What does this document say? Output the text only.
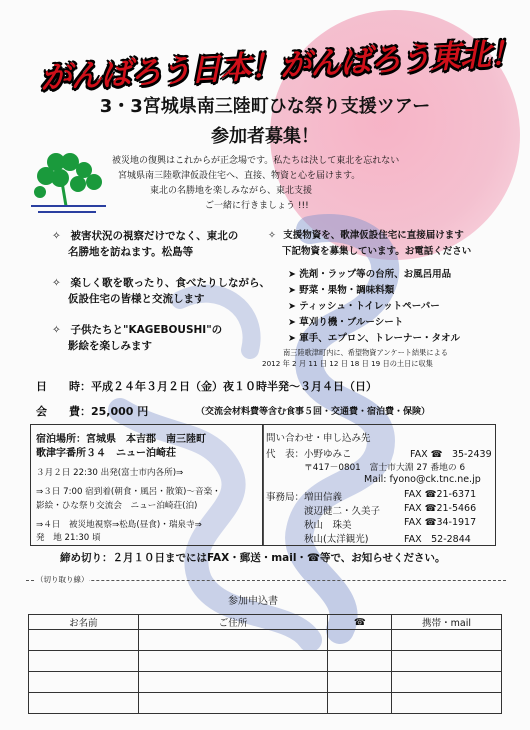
がんばろう日本！がんばろう東北！
3・3宮城県南三陸町ひな祭り支援ツアー
参加者募集！
被災地の復興はこれからが正念場です。私たちは決して東北を忘れない
宮城県南三陸歌津仮設住宅へ、直接、物資と心を届けます。
東北の名勝地を楽しみながら、東北支援
ご一緒に行きましょう !!!
✧ 被害状況の視察だけでなく、東北の
名勝地を訪ねます。松島等
✧ 楽しく歌を歌ったり、食べたりしながら、
仮設住宅の皆様と交流します
✧ 子供たちと"KAGEBOUSHI"の
影絵を楽しみます
✧ 支援物資を、歌津仮設住宅に直接届けます
下記物資を募集しています。お電話ください
➤ 洗剤・ラップ等の台所、お風呂用品
➤ 野菜・果物・調味料類
➤ ティッシュ・トイレットペーパー
➤ 草刈り機・ブルーシート
➤ 軍手、エプロン、トレーナー・タオル
南三陸歌津町内に、希望物資アンケート結果による
2012 年 2 月 11 日 12 日 18 日 19 日の土日に収集
日　　時：平成２４年３月２日（金）夜１０時半発～３月４日（日）
会　　費：25,000 円	（交流会材料費等含む食事５回・交通費・宿泊費・保険）
宿泊場所：宮城県　本吉郡　南三陸町
歌津字番所３４　ニュー泊崎荘
３月２日 22:30 出発(富士市内各所)⇒
⇒３日 7:00 宿到着(朝食・風呂・散策)～音楽・
影絵・ひな祭り交流会　ニュー泊崎荘(泊)
⇒４日　被災地視察⇒松島(昼食)・瑞泉寺⇒
発　地 21:30 頃
問い合わせ・申し込み先
代　表： 小野ゆみこ	FAX ☎　35-2439
〒417－0801　富士市大淵 27 番地の 6
Mail: fyono@ck.tnc.ne.jp
事務局： 増田信義	FAX ☎21-6371
渡辺健二・久美子	FAX ☎21-5466
秋山　珠美	FAX ☎34-1917
秋山(太洋観光)	FAX　52-2844
締め切り：２月１０日までにはFAX・郵送・mail・☎等で、お知らせください。
（切り取り線）
参加申込書
お名前	ご住所	☎	携帯・mail
